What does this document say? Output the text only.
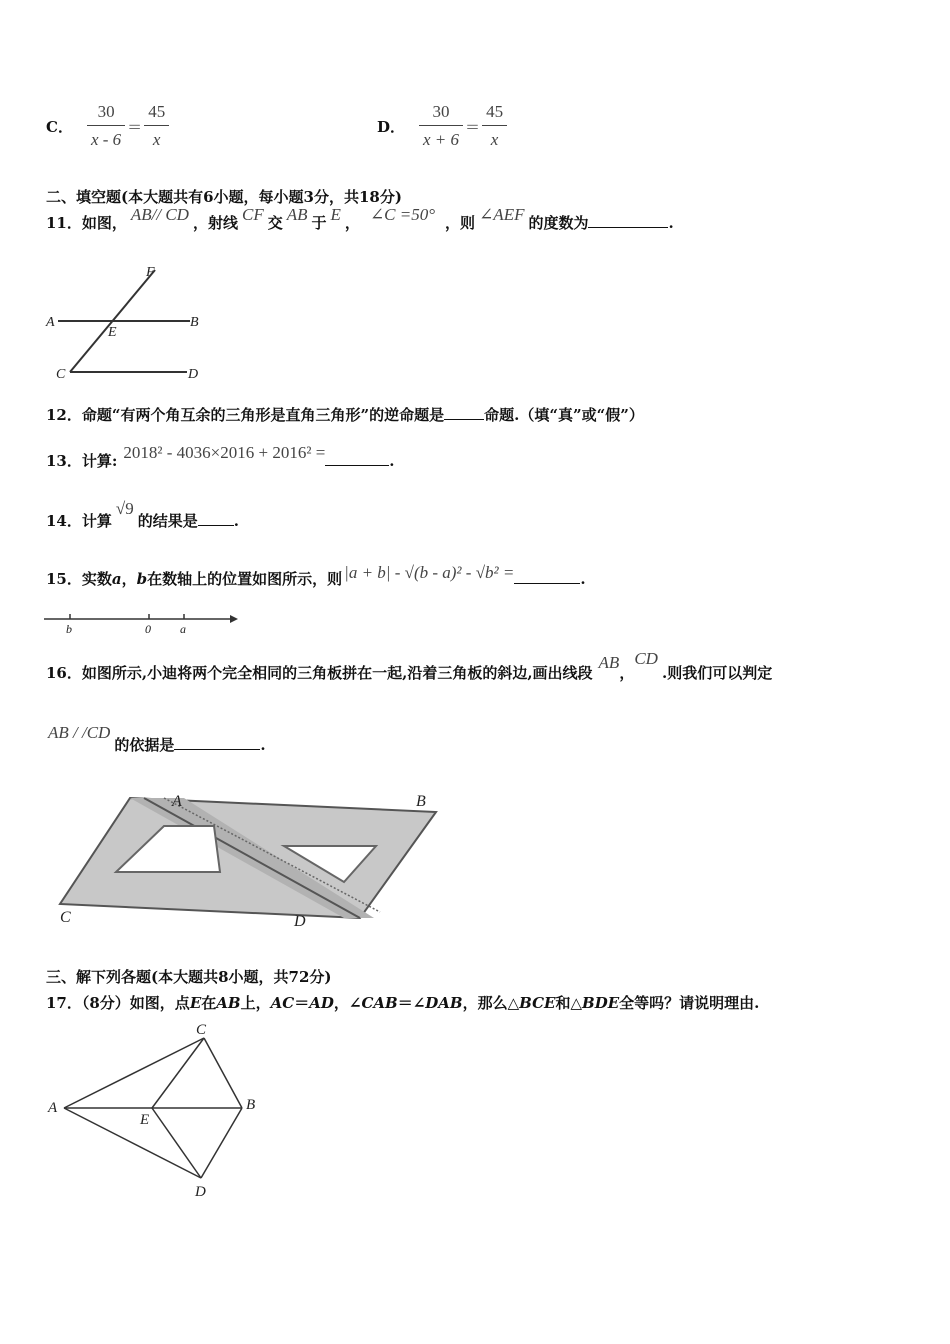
C． $\frac{30}{x - 6} = \frac{45}{x}$	D． $\frac{30}{x + 6} = \frac{45}{x}$
二、填空题(本大题共有6小题，每小题3分，共18分)
11．如图， AB// CD ，射线 CF 交 AB 于 E ， ∠C =50° ，则 ∠AEF 的度数为	.
F
A
E
B
C	D
12．命题“有两个角互余的三角形是直角三角形”的逆命题是	命题.（填“真”或“假”）
13．计算: 2018² - 4036×2016 + 2016² =	.
14．计算√9的结果是 .
15．实数a，b在数轴上的位置如图所示，则 |a + b| - √(b - a)² - √b² =	.
b	0 a
16．如图所示,小迪将两个完全相同的三角板拼在一起,沿着三角板的斜边,画出线段AB，CD.则我们可以判定
AB / /CD的依据是	.
A	B
C	D
三、解下列各题(本大题共8小题，共72分)
17．（8分）如图，点E在AB上，AC＝AD，∠CAB＝∠DAB，那么△BCE和△BDE全等吗？请说明理由.
C
A
E
B
D
